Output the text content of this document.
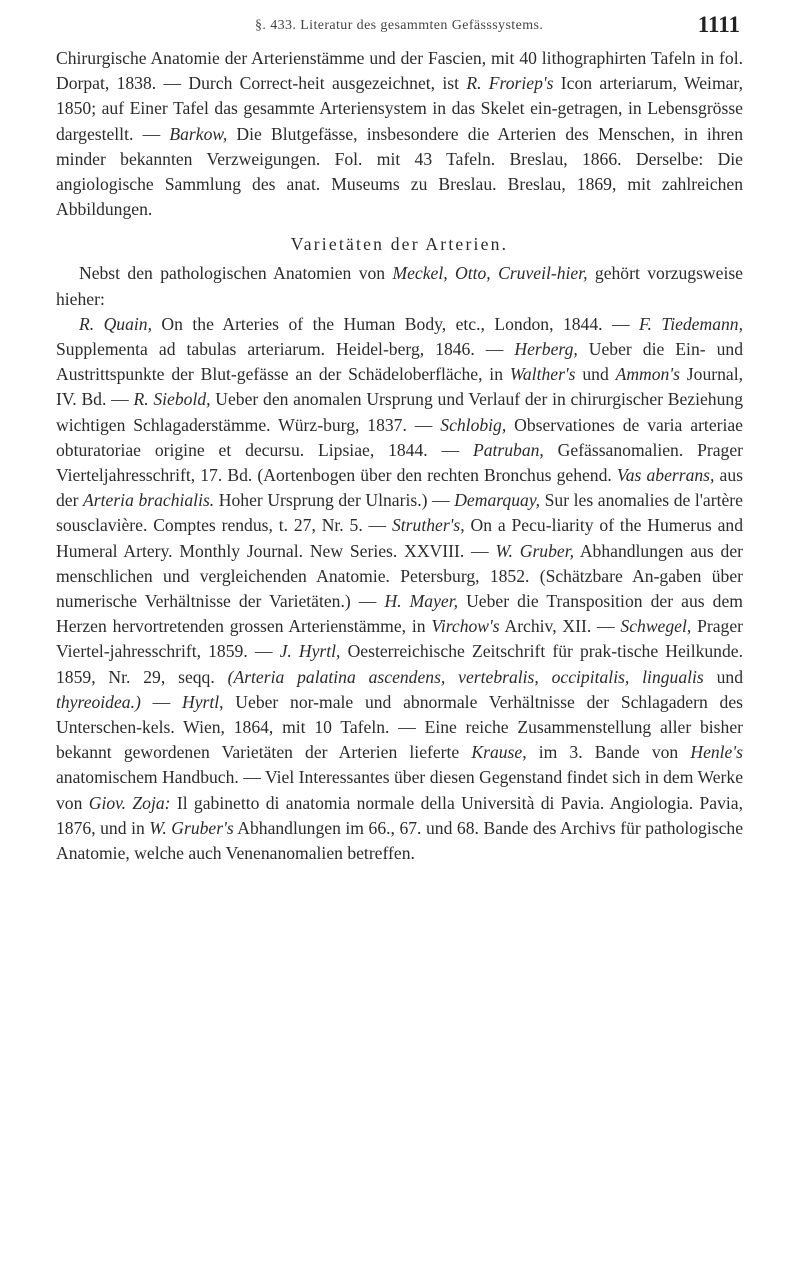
§. 433. Literatur des gesammten Gefässsystems.	1111

Chirurgische Anatomie der Arterienstämme und der Fascien, mit 40 lithographirten Tafeln in fol. Dorpat, 1838. — Durch Correct-heit ausgezeichnet, ist R. Froriep's Icon arteriarum, Weimar, 1850; auf Einer Tafel das gesammte Arteriensystem in das Skelet ein-getragen, in Lebensgrösse dargestellt. — Barkow, Die Blutgefässe, insbesondere die Arterien des Menschen, in ihren minder bekannten Verzweigungen. Fol. mit 43 Tafeln. Breslau, 1866. Derselbe: Die angiologische Sammlung des anat. Museums zu Breslau. Breslau, 1869, mit zahlreichen Abbildungen.

Varietäten der Arterien.

Nebst den pathologischen Anatomien von Meckel, Otto, Cruveil-hier, gehört vorzugsweise hieher:

R. Quain, On the Arteries of the Human Body, etc., London, 1844. — F. Tiedemann, Supplementa ad tabulas arteriarum. Heidel-berg, 1846. — Herberg, Ueber die Ein- und Austrittspunkte der Blut-gefässe an der Schädeloberfläche, in Walther's und Ammon's Journal, IV. Bd. — R. Siebold, Ueber den anomalen Ursprung und Verlauf der in chirurgischer Beziehung wichtigen Schlagaderstämme. Würz-burg, 1837. — Schlobig, Observationes de varia arteriae obturatoriae origine et decursu. Lipsiae, 1844. — Patruban, Gefässanomalien. Prager Vierteljahresschrift, 17. Bd. (Aortenbogen über den rechten Bronchus gehend. Vas aberrans, aus der Arteria brachialis. Hoher Ursprung der Ulnaris.) — Demarquay, Sur les anomalies de l'artère sousclavière. Comptes rendus, t. 27, Nr. 5. — Struther's, On a Pecu-liarity of the Humerus and Humeral Artery. Monthly Journal. New Series. XXVIII. — W. Gruber, Abhandlungen aus der menschlichen und vergleichenden Anatomie. Petersburg, 1852. (Schätzbare An-gaben über numerische Verhältnisse der Varietäten.) — H. Mayer, Ueber die Transposition der aus dem Herzen hervortretenden grossen Arterienstämme, in Virchow's Archiv, XII. — Schwegel, Prager Viertel-jahresschrift, 1859. — J. Hyrtl, Oesterreichische Zeitschrift für prak-tische Heilkunde. 1859, Nr. 29, seqq. (Arteria palatina ascendens, vertebralis, occipitalis, lingualis und thyreoidea.) — Hyrtl, Ueber nor-male und abnormale Verhältnisse der Schlagadern des Unterschen-kels. Wien, 1864, mit 10 Tafeln. — Eine reiche Zusammenstellung aller bisher bekannt gewordenen Varietäten der Arterien lieferte Krause, im 3. Bande von Henle's anatomischem Handbuch. — Viel Interessantes über diesen Gegenstand findet sich in dem Werke von Giov. Zoja: Il gabinetto di anatomia normale della Università di Pavia. Angiologia. Pavia, 1876, und in W. Gruber's Abhandlungen im 66., 67. und 68. Bande des Archivs für pathologische Anatomie, welche auch Venenanomalien betreffen.
